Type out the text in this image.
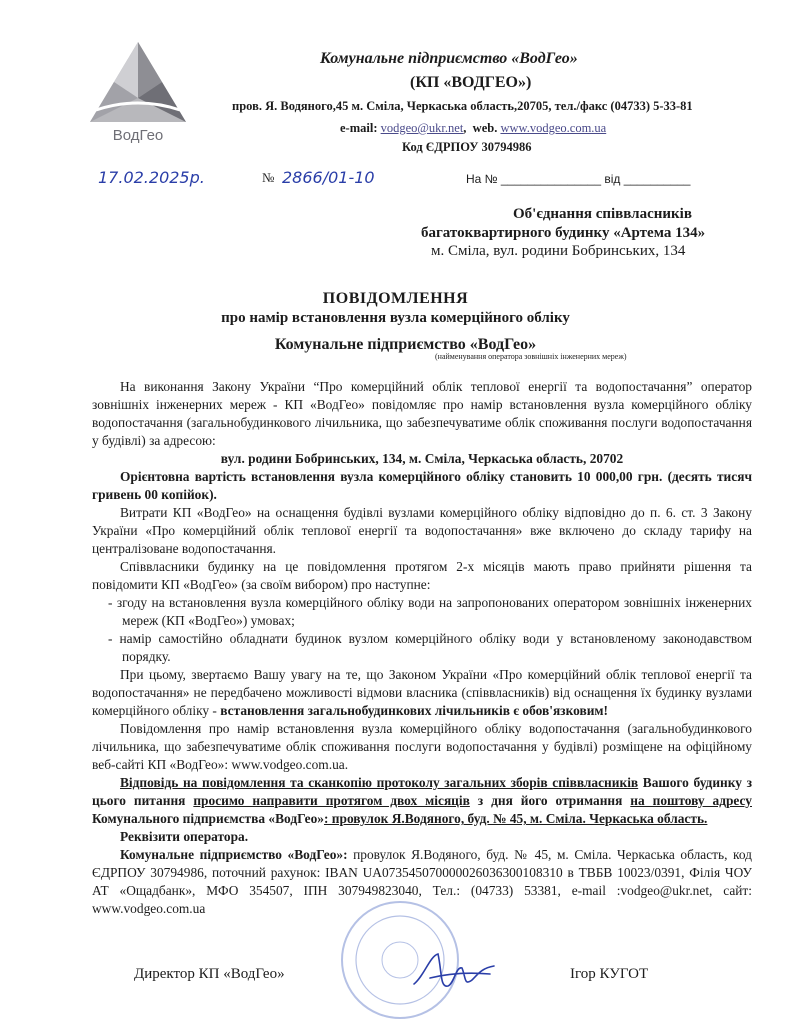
ВодГео
Комунальне підприємство «ВодГео»
(КП «ВОДГЕО»)
пров. Я. Водяного,45 м. Сміла, Черкаська область,20705, тел./факс (04733) 5-33-81
e-mail: vodgeo@ukr.net,  web. www.vodgeo.com.ua
Код ЄДРПОУ 30794986
17.02.2025р.	№ 2866/01-10	На № _______________ від __________
Об'єднання співвласників
багатоквартирного будинку «Артема 134»
м. Сміла, вул. родини Бобринських, 134
ПОВІДОМЛЕННЯ
про намір встановлення вузла комерційного обліку
Комунальне підприємство «ВодГео»
(найменування оператора зовнішніх інженерних мереж)

На виконання Закону України “Про комерційний облік теплової енергії та водопостачання” оператор зовнішніх інженерних мереж - КП «ВодГео» повідомляє про намір встановлення вузла комерційного обліку водопостачання (загальнобудинкового лічильника, що забезпечуватиме облік споживання послуги водопостачання у будівлі) за адресою:

вул. родини Бобринських, 134, м. Сміла, Черкаська область, 20702

Орієнтовна вартість встановлення вузла комерційного обліку становить 10 000,00 грн. (десять тисяч гривень 00 копійок).

Витрати КП «ВодГео» на оснащення будівлі вузлами комерційного обліку відповідно до п. 6. ст. 3 Закону України «Про комерційний облік теплової енергії та водопостачання» вже включено до складу тарифу на централізоване водопостачання.

Співвласники будинку на це повідомлення протягом 2-х місяців мають право прийняти рішення та повідомити КП «ВодГео» (за своїм вибором) про наступне:

- згоду на встановлення вузла комерційного обліку води на запропонованих оператором зовнішніх інженерних мереж (КП «ВодГео») умовах;

- намір самостійно обладнати будинок вузлом комерційного обліку води у встановленому законодавством порядку.

При цьому, звертаємо Вашу увагу на те, що Законом України «Про комерційний облік теплової енергії та водопостачання» не передбачено можливості відмови власника (співвласників) від оснащення їх будинку вузлами комерційного обліку - встановлення загальнобудинкових лічильників є обов'язковим!

Повідомлення про намір встановлення вузла комерційного обліку водопостачання (загальнобудинкового лічильника, що забезпечуватиме облік споживання послуги водопостачання у будівлі) розміщене на офіційному веб-сайті КП «ВодГео»: www.vodgeo.com.ua.

Відповідь на повідомлення та сканкопію протоколу загальних зборів співвласників Вашого будинку з цього питання просимо направити протягом двох місяців з дня його отримання на поштову адресу Комунального підприємства «ВодГео»: провулок Я.Водяного, буд. № 45, м. Сміла. Черкаська область.

Реквізити оператора.

Комунальне підприємство «ВодГео»: провулок Я.Водяного, буд. № 45, м. Сміла. Черкаська область, код ЄДРПОУ 30794986, поточний рахунок: IBAN UA073545070000026036300108310 в ТВБВ 10023/0391, Філія ЧОУ АТ «Ощадбанк», МФО 354507, ІПН 307949823040, Тел.: (04733) 53381, e-mail :vodgeo@ukr.net, сайт: www.vodgeo.com.ua

Директор КП «ВодГео»	Ігор КУГОТ
